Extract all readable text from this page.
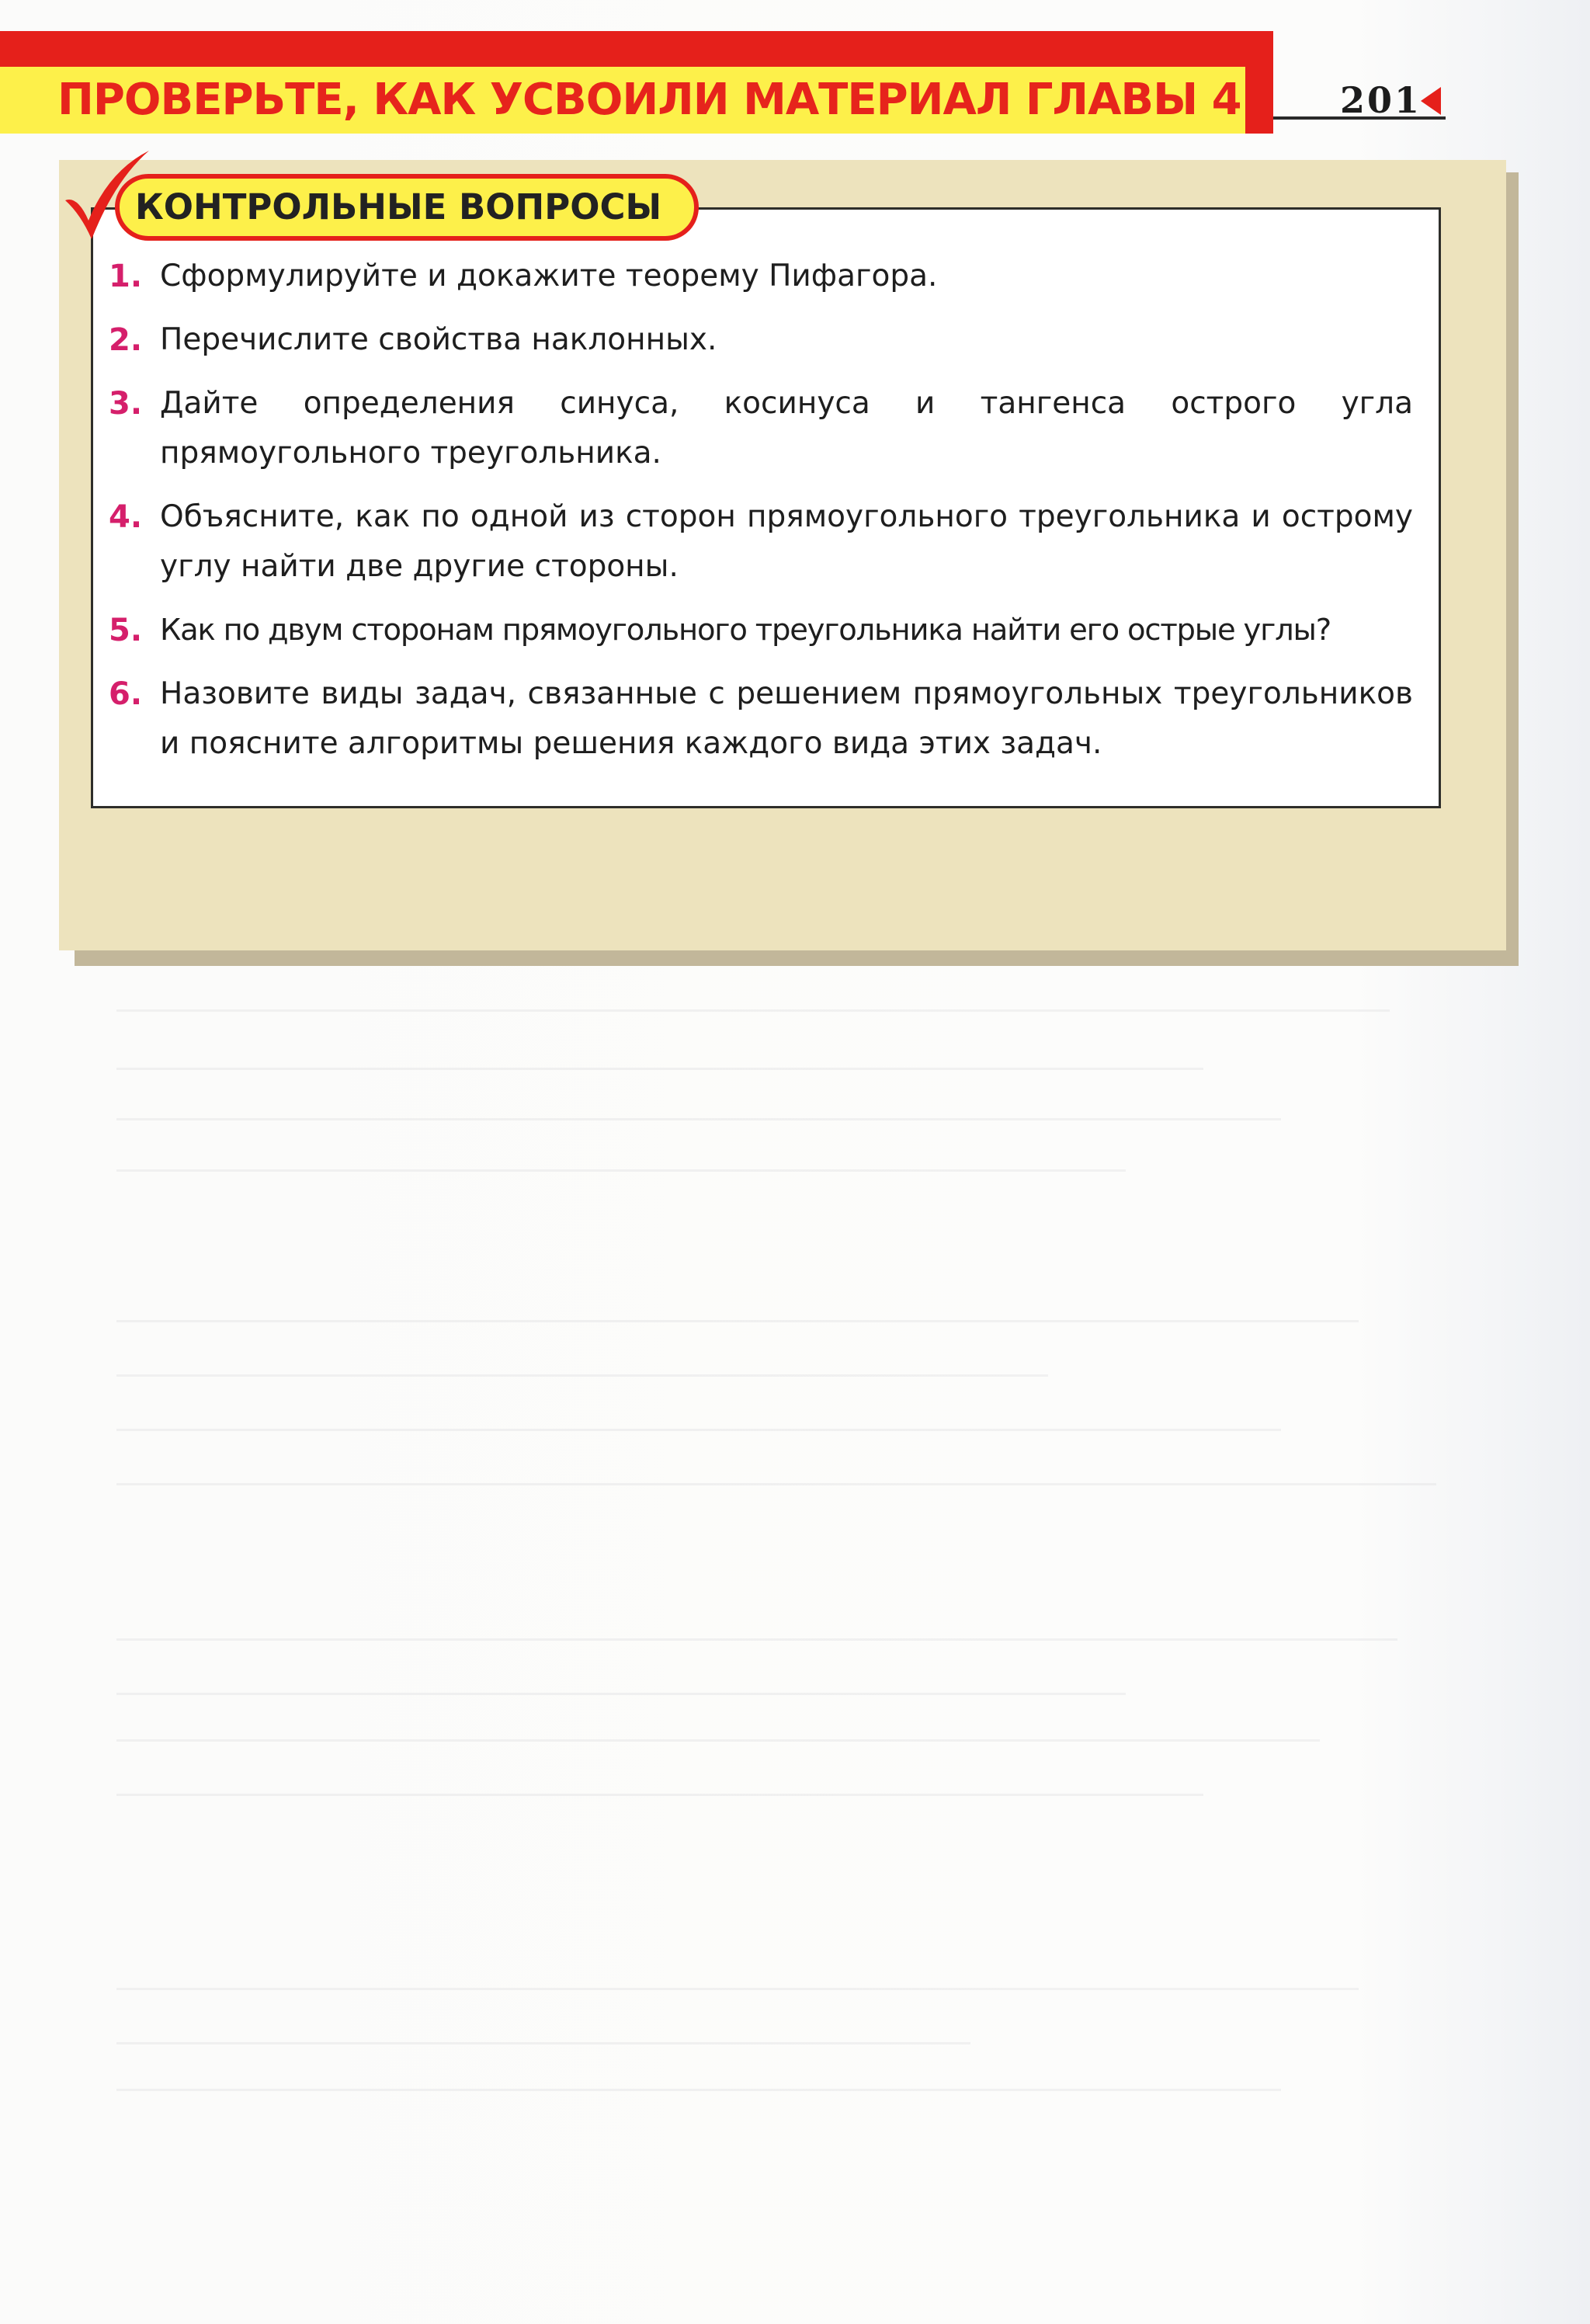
ПРОВЕРЬТЕ, КАК УСВОИЛИ МАТЕРИАЛ ГЛАВЫ 4	201
КОНТРОЛЬНЫЕ ВОПРОСЫ
1. Сформулируйте и докажите теорему Пифагора.
2. Перечислите свойства наклонных.
3. Дайте определения синуса, косинуса и тангенса острого угла прямоугольного треугольника.
4. Объясните, как по одной из сторон прямоугольного треугольника и острому углу найти две другие стороны.
5. Как по двум сторонам прямоугольного треугольника найти его острые углы?
6. Назовите виды задач, связанные с решением прямоугольных треугольников и поясните алгоритмы решения каждого вида этих задач.
